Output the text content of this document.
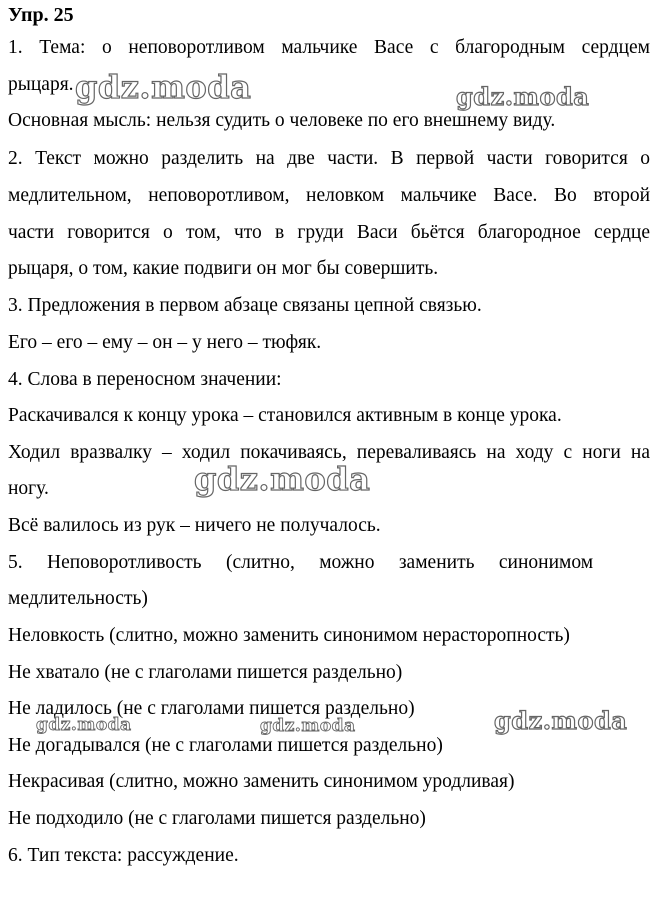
Упр. 25
1. Тема: о неповоротливом мальчике Васе с благородным сердцем
рыцаря.
Основная мысль: нельзя судить о человеке по его внешнему виду.
2. Текст можно разделить на две части. В первой части говорится о
медлительном, неповоротливом, неловком мальчике Васе. Во второй
части говорится о том, что в груди Васи бьётся благородное сердце
рыцаря, о том, какие подвиги он мог бы совершить.
3. Предложения в первом абзаце связаны цепной связью.
Его – его – ему – он – у него – тюфяк.
4. Слова в переносном значении:
Раскачивался к концу урока – становился активным в конце урока.
Ходил вразвалку – ходил покачиваясь, переваливаясь на ходу с ноги на
ногу.
Всё валилось из рук – ничего не получалось.
5.     Неповоротливость     (слитно,     можно     заменить     синонимом
медлительность)
Неловкость (слитно, можно заменить синонимом нерасторопность)
Не хватало (не с глаголами пишется раздельно)
Не ладилось (не с глаголами пишется раздельно)
Не догадывался (не с глаголами пишется раздельно)
Некрасивая (слитно, можно заменить синонимом уродливая)
Не подходило (не с глаголами пишется раздельно)
6. Тип текста: рассуждение.
gdz.moda	gdz.moda
gdz.moda
gdz.moda	gdz.moda	gdz.moda
